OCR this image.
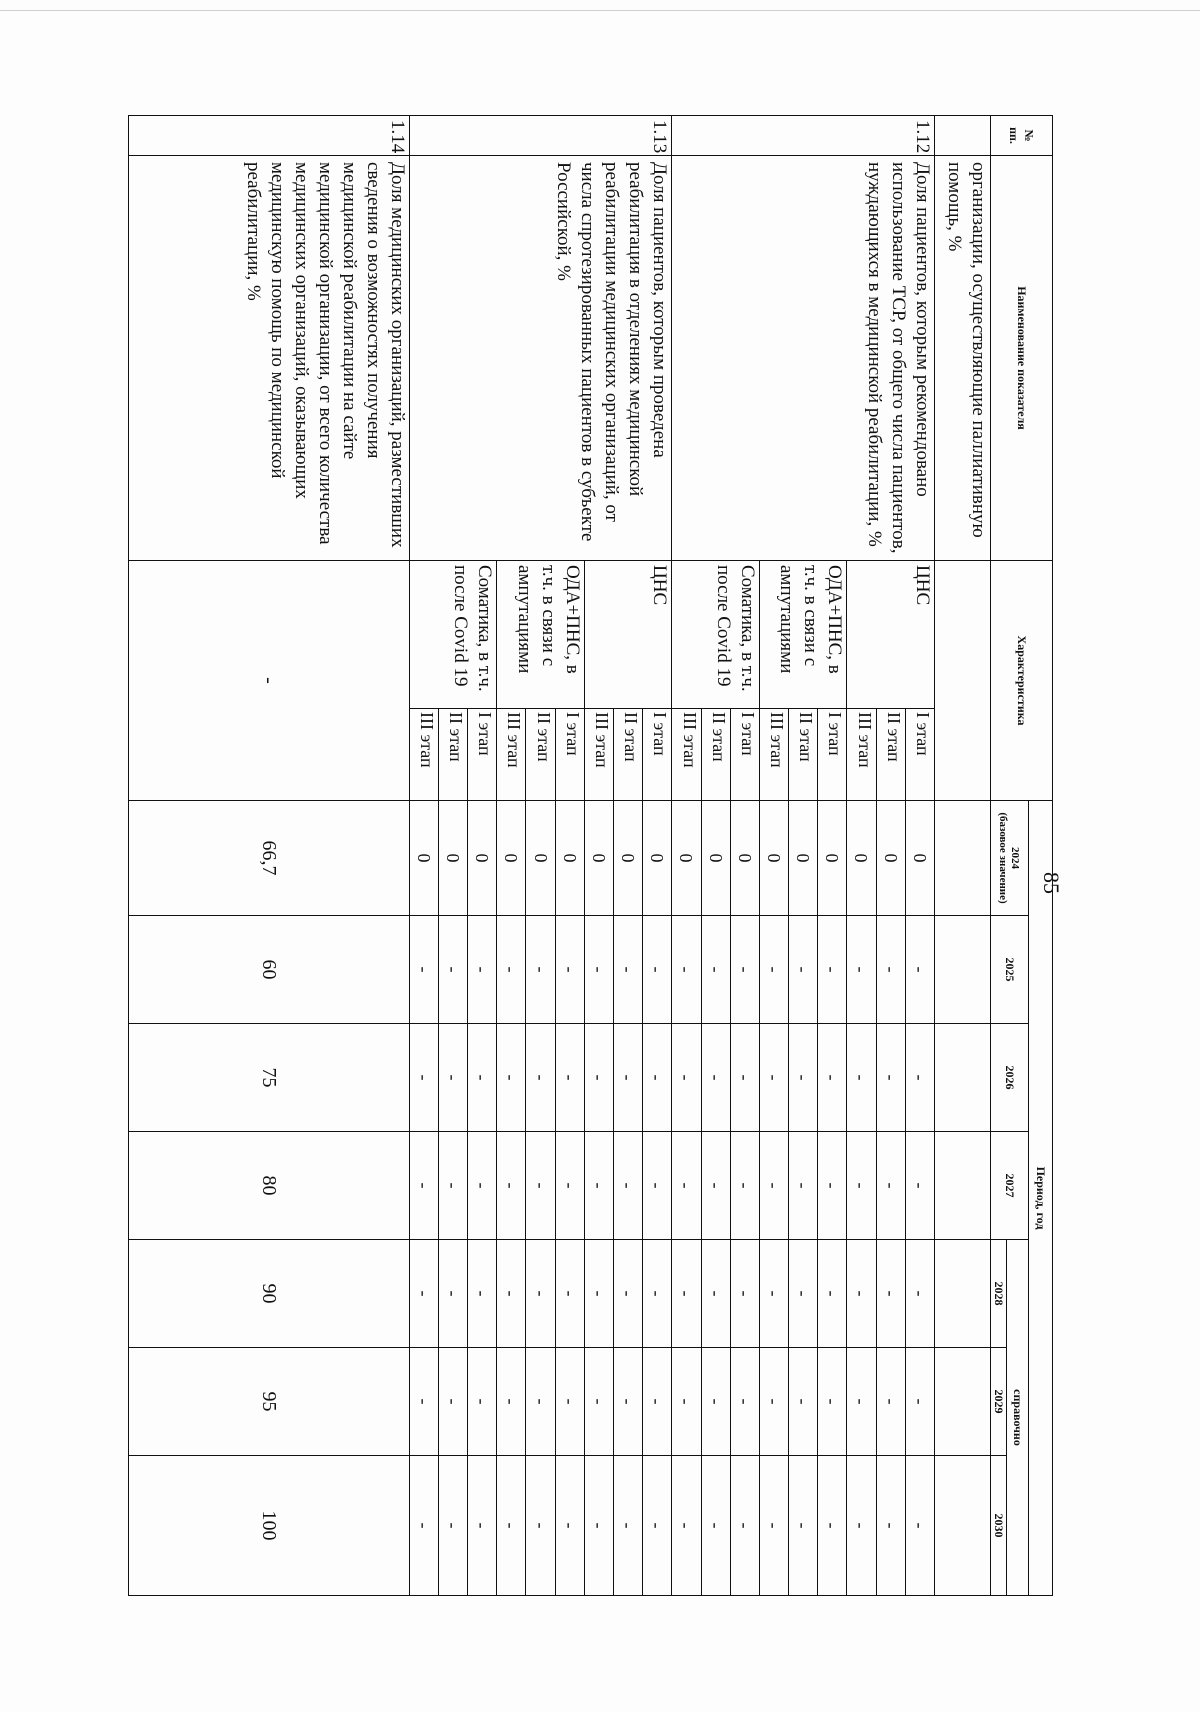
85
№ пп.	Наименование показателя	Характеристика		Период, год						

				2024
(базовое значение)	2025	2026	2027	справочно		
								2028	2029	2030
	организации, осуществляющие паллиативную помощь, %									
1.12	Доля пациентов, которым рекомендовано использование ТСР, от общего числа пациентов, нуждающихся в медицинской реабилитации, %	ЦНС	I этап	0	-	-	-	-	-	-
			II этап	0	-	-	-	-	-	-
			III этап	0	-	-	-	-	-	-
		ОДА+ПНС, в т.ч. в связи с ампутациями	I этап	0	-	-	-	-	-	-
			II этап	0	-	-	-	-	-	-
			III этап	0	-	-	-	-	-	-
		Соматика, в т.ч. после Covid 19	I этап	0	-	-	-	-	-	-
			II этап	0	-	-	-	-	-	-
			III этап	0	-	-	-	-	-	-
1.13	Доля пациентов, которым проведена реабилитация в отделениях медицинской реабилитации медицинских организаций, от числа спротезированных пациентов в субъекте Российской, %	ЦНС	I этап	0	-	-	-	-	-	-
			II этап	0	-	-	-	-	-	-
			III этап	0	-	-	-	-	-	-
		ОДА+ПНС, в т.ч. в связи с ампутациями	I этап	0	-	-	-	-	-	-
			II этап	0	-	-	-	-	-	-
			III этап	0	-	-	-	-	-	-
		Соматика, в т.ч. после Covid 19	I этап	0	-	-	-	-	-	-
			II этап	0	-	-	-	-	-	-
			III этап	0	-	-	-	-	-	-
1.14	Доля медицинских организаций, разместивших сведения о возможностях получения медицинской реабилитации на сайте медицинской организации, от всего количества медицинских организаций, оказывающих медицинскую помощь по медицинской реабилитации, %	-		66,7	60	75	80	90	95	100
